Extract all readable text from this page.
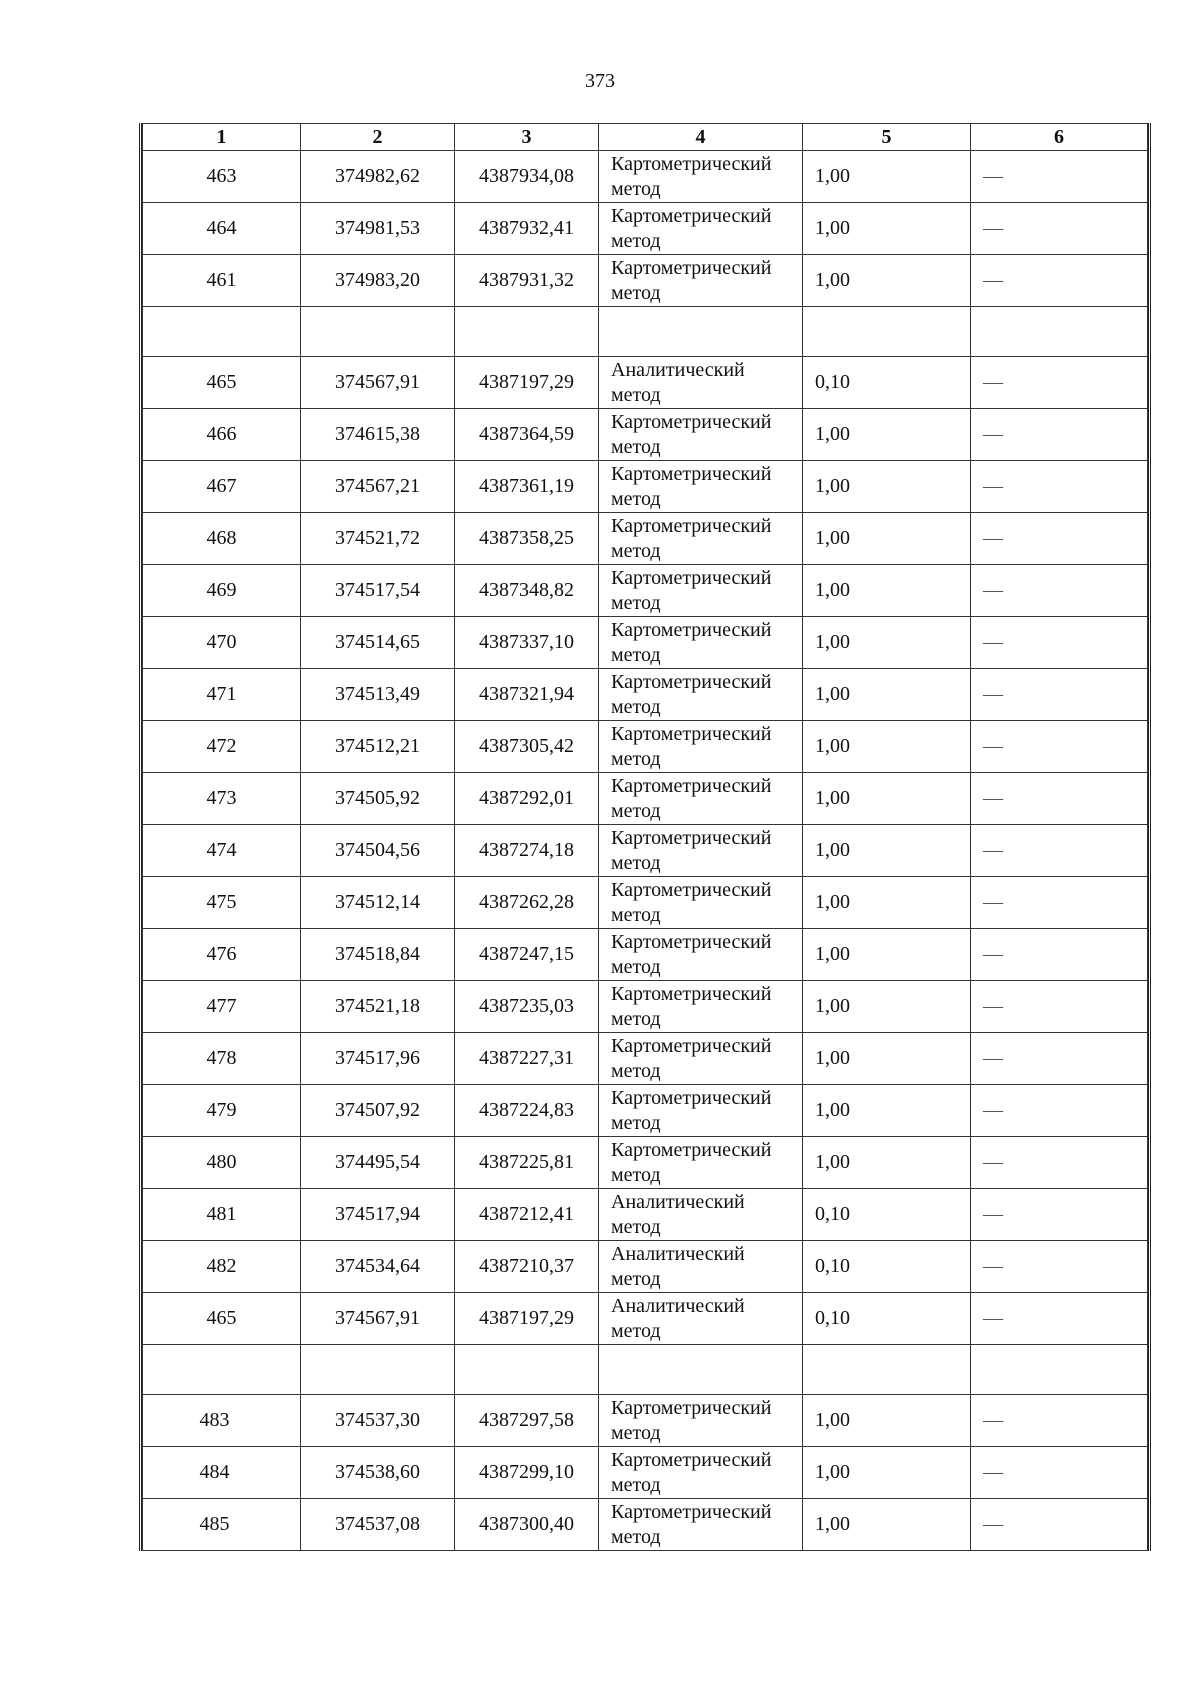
373
1	2	3	4	5	6
463	374982,62	4387934,08	Картометрический
метод	1,00	—
464	374981,53	4387932,41	Картометрический
метод	1,00	—
461	374983,20	4387931,32	Картометрический
метод	1,00	—

465	374567,91	4387197,29	Аналитический
метод	0,10	—
466	374615,38	4387364,59	Картометрический
метод	1,00	—
467	374567,21	4387361,19	Картометрический
метод	1,00	—
468	374521,72	4387358,25	Картометрический
метод	1,00	—
469	374517,54	4387348,82	Картометрический
метод	1,00	—
470	374514,65	4387337,10	Картометрический
метод	1,00	—
471	374513,49	4387321,94	Картометрический
метод	1,00	—
472	374512,21	4387305,42	Картометрический
метод	1,00	—
473	374505,92	4387292,01	Картометрический
метод	1,00	—
474	374504,56	4387274,18	Картометрический
метод	1,00	—
475	374512,14	4387262,28	Картометрический
метод	1,00	—
476	374518,84	4387247,15	Картометрический
метод	1,00	—
477	374521,18	4387235,03	Картометрический
метод	1,00	—
478	374517,96	4387227,31	Картометрический
метод	1,00	—
479	374507,92	4387224,83	Картометрический
метод	1,00	—
480	374495,54	4387225,81	Картометрический
метод	1,00	—
481	374517,94	4387212,41	Аналитический
метод	0,10	—
482	374534,64	4387210,37	Аналитический
метод	0,10	—
465	374567,91	4387197,29	Аналитический
метод	0,10	—

483	374537,30	4387297,58	Картометрический
метод	1,00	—
484	374538,60	4387299,10	Картометрический
метод	1,00	—
485	374537,08	4387300,40	Картометрический
метод	1,00	—
